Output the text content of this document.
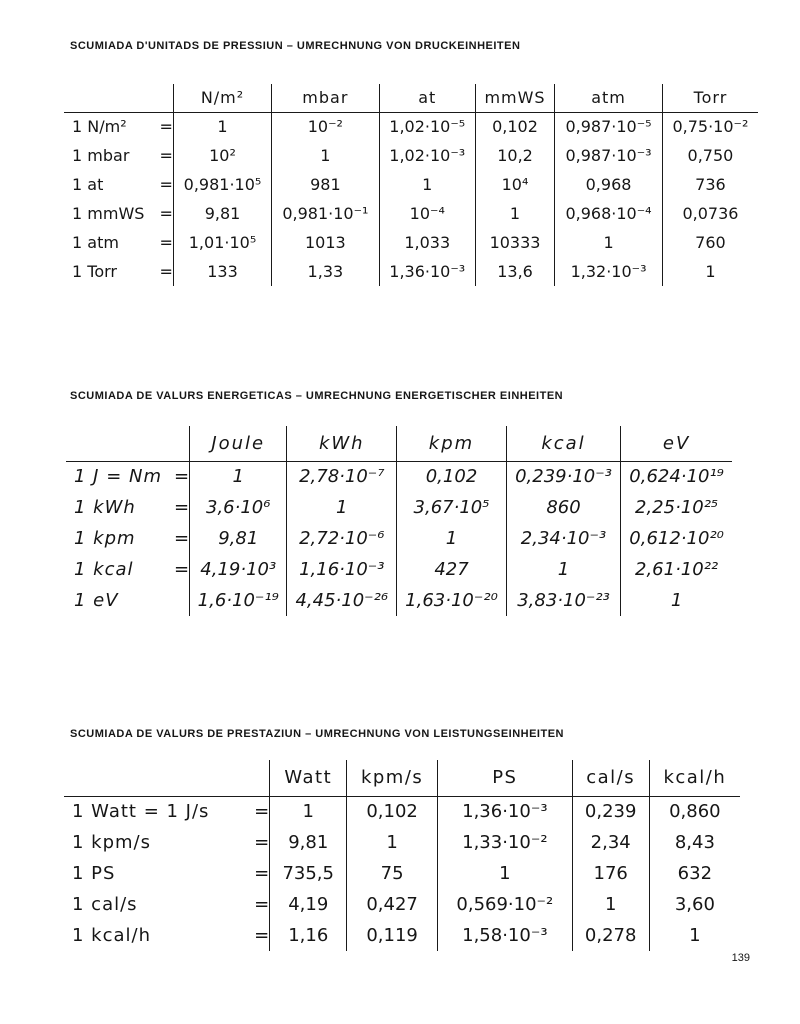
SCUMIADA D'UNITADS DE PRESSIUN – UMRECHNUNG VON DRUCKEINHEITEN
		N/m²	mbar	at	mmWS	atm	Torr
1 N/m²	=	1	10⁻²	1,02·10⁻⁵	0,102	0,987·10⁻⁵	0,75·10⁻²
1 mbar	=	10²	1	1,02·10⁻³	10,2	0,987·10⁻³	0,750
1 at	=	0,981·10⁵	981	1	10⁴	0,968	736
1 mmWS	=	9,81	0,981·10⁻¹	10⁻⁴	1	0,968·10⁻⁴	0,0736
1 atm	=	1,01·10⁵	1013	1,033	10333	1	760
1 Torr	=	133	1,33	1,36·10⁻³	13,6	1,32·10⁻³	1
SCUMIADA DE VALURS ENERGETICAS – UMRECHNUNG ENERGETISCHER EINHEITEN
		Joule	kWh	kpm	kcal	eV
1 J = Nm	=	1	2,78·10⁻⁷	0,102	0,239·10⁻³	0,624·10¹⁹
1 kWh	=	3,6·10⁶	1	3,67·10⁵	860	2,25·10²⁵
1 kpm	=	9,81	2,72·10⁻⁶	1	2,34·10⁻³	0,612·10²⁰
1 kcal	=	4,19·10³	1,16·10⁻³	427	1	2,61·10²²
1 eV		1,6·10⁻¹⁹	4,45·10⁻²⁶	1,63·10⁻²⁰	3,83·10⁻²³	1
SCUMIADA DE VALURS DE PRESTAZIUN – UMRECHNUNG VON LEISTUNGSEINHEITEN
		Watt	kpm/s	PS	cal/s	kcal/h
1 Watt = 1 J/s	=	1	0,102	1,36·10⁻³	0,239	0,860
1 kpm/s	=	9,81	1	1,33·10⁻²	2,34	8,43
1 PS	=	735,5	75	1	176	632
1 cal/s	=	4,19	0,427	0,569·10⁻²	1	3,60
1 kcal/h	=	1,16	0,119	1,58·10⁻³	0,278	1
139
